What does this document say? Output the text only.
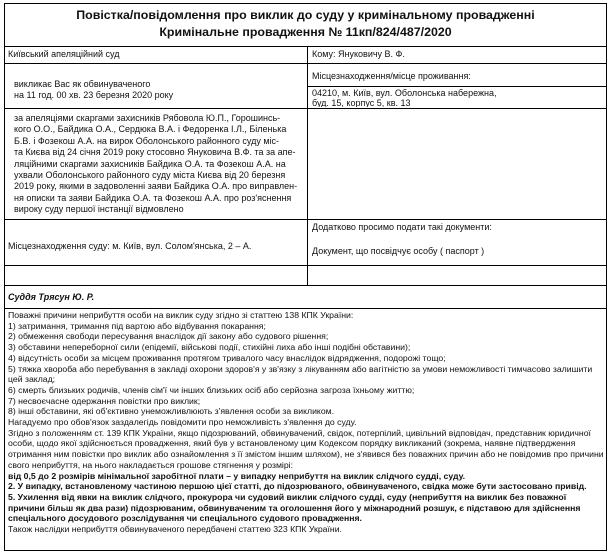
Повістка/повідомлення про виклик до суду у кримінальному провадженні
Кримінальне провадження № 11кп/824/487/2020
Київський апеляційний суд	Кому: Януковичу В. Ф.
викликає Вас як обвинуваченого
на 11 год. 00 хв. 23 березня 2020 року
Місцезнаходження/місце проживання:
04210, м. Київ, вул. Оболонська набережна,
буд. 15, корпус 5, кв. 13
за апеляціями скаргами захисників Рябовола Ю.П., Горошинсь-
кого О.О., Байдика О.А., Сердюка В.А. і Федоренка І.Л., Біленька
Б.В. і Фозекош А.А. на вирок Оболонського районного суду міс-
та Києва від 24 січня 2019 року стосовно Януковича В.Ф. та за апе-
ляційними скаргами захисників Байдика О.А. та Фозекош А.А. на
ухвали Оболонського районного суду міста Києва від 20 березня
2019 року, якими в задоволенні заяви Байдика О.А. про виправлен-
ня описки та заяви Байдика О.А. та Фозекош А.А. про роз'яснення
вироку суду першої інстанції відмовлено
Додатково просимо подати такі документи:
Місцезнаходження суду: м. Київ, вул. Солом'янська, 2 – А.	Документ, що посвідчує особу ( паспорт )
Суддя Трясун Ю. Р.

Поважні причини неприбуття особи на виклик суду згідно зі статтею 138 КПК України:

1) затримання, тримання під вартою або відбування покарання;

2) обмеження свободи пересування внаслідок дії закону або судового рішення;

3) обставини непереборної сили (епідемії, військові події, стихійні лиха або інші подібні обставини);

4) відсутність особи за місцем проживання протягом тривалого часу внаслідок відрядження, подорожі тощо;

5) тяжка хвороба або перебування в закладі охорони здоров'я у зв'язку з лікуванням або вагітністю за умови неможливості тимчасово залишити цей заклад;

6) смерть близьких родичів, членів сім'ї чи інших близьких осіб або серйозна загроза їхньому життю;

7) несвоєчасне одержання повістки про виклик;

8) інші обставини, які об'єктивно унеможливлюють з'явлення особи за викликом.

Нагадуємо про обов'язок заздалегідь повідомити про неможливість з'явлення до суду.

Згідно з положенням ст. 139 КПК України, якщо підозрюваний, обвинувачений, свідок, потерпілий, цивільний відповідач, представник юридичної особи, щодо якої здійснюється провадження, який був у встановленому цим Кодексом порядку викликаний (зокрема, наявне підтвердження отримання ним повістки про виклик або ознайомлення з її змістом іншим шляхом), не з'явився без поважних причин або не повідомив про причини свого неприбуття, на нього накладається грошове стягнення у розмірі:

від 0,5 до 2 розмірів мінімальної заробітної плати – у випадку неприбуття на виклик слідчого судді, суду.

2. У випадку, встановленому частиною першою цієї статті, до підозрюваного, обвинуваченого, свідка може бути застосовано привід.

5. Ухилення від явки на виклик слідчого, прокурора чи судовий виклик слідчого судді, суду (неприбуття на виклик без поважної причини більш як два рази) підозрюваним, обвинуваченим та оголошення його у міжнародний розшук, є підставою для здійснення спеціального досудового розслідування чи спеціального судового провадження.

Також наслідки неприбуття обвинуваченого передбачені статтею 323 КПК України.
